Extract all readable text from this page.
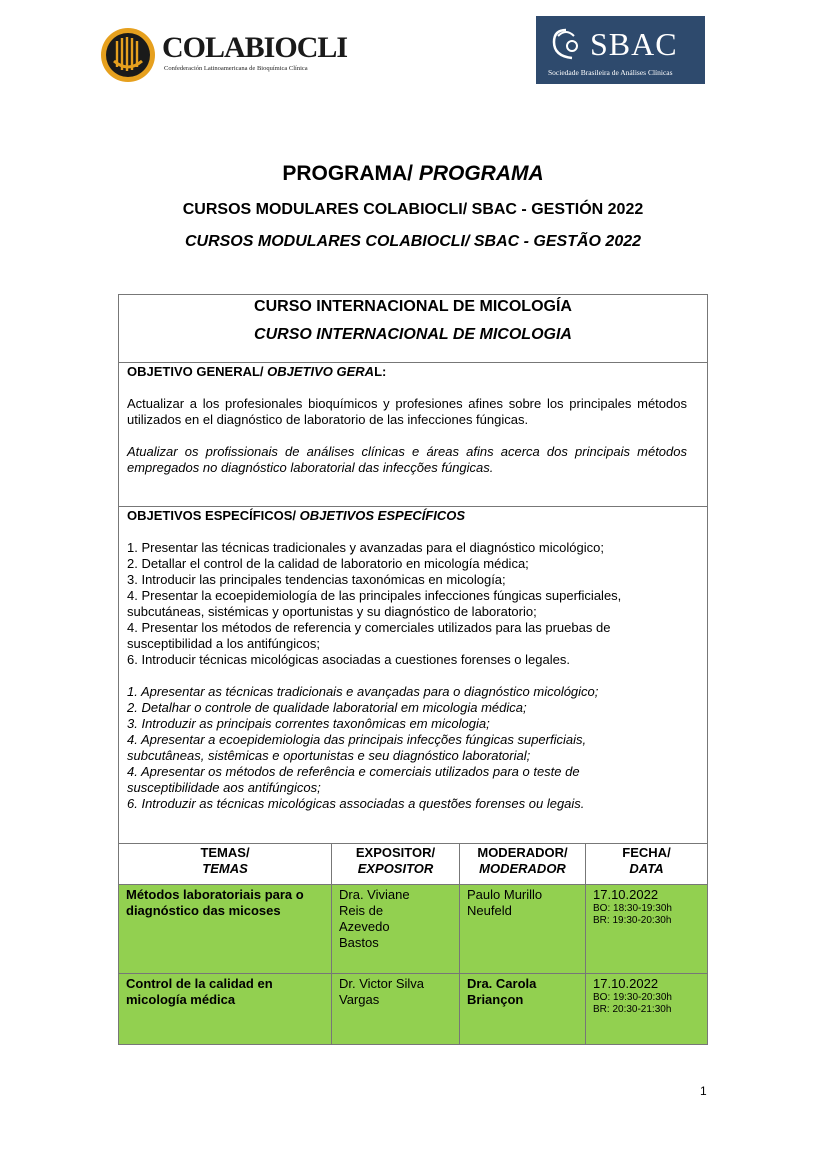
COLABIOCLI
Confederación Latinoamericana de Bioquímica Clínica
SBAC
Sociedade Brasileira de Análises Clínicas
PROGRAMA/ PROGRAMA
CURSOS MODULARES COLABIOCLI/ SBAC - GESTIÓN 2022
CURSOS MODULARES COLABIOCLI/ SBAC - GESTÃO 2022
CURSO INTERNACIONAL DE MICOLOGÍA
CURSO INTERNACIONAL DE MICOLOGIA
OBJETIVO GENERAL/ OBJETIVO GERAL:
Actualizar a los profesionales bioquímicos y profesiones afines sobre los principales métodos utilizados en el diagnóstico de laboratorio de las infecciones fúngicas.
Atualizar os profissionais de análises clínicas e áreas afins acerca dos principais métodos empregados no diagnóstico laboratorial das infecções fúngicas.
OBJETIVOS ESPECÍFICOS/ OBJETIVOS ESPECÍFICOS
1. Presentar las técnicas tradicionales y avanzadas para el diagnóstico micológico;
2. Detallar el control de la calidad de laboratorio en micología médica;
3. Introducir las principales tendencias taxonómicas en micología;
4. Presentar la ecoepidemiología de las principales infecciones fúngicas superficiales,
subcutáneas, sistémicas y oportunistas y su diagnóstico de laboratorio;
4. Presentar los métodos de referencia y comerciales utilizados para las pruebas de
susceptibilidad a los antifúngicos;
6. Introducir técnicas micológicas asociadas a cuestiones forenses o legales.
1. Apresentar as técnicas tradicionais e avançadas para o diagnóstico micológico;
2. Detalhar o controle de qualidade laboratorial em micologia médica;
3. Introduzir as principais correntes taxonômicas em micologia;
4. Apresentar a ecoepidemiologia das principais infecções fúngicas superficiais,
subcutâneas, sistêmicas e oportunistas e seu diagnóstico laboratorial;
4. Apresentar os métodos de referência e comerciais utilizados para o teste de
susceptibilidade aos antifúngicos;
6. Introduzir as técnicas micológicas associadas a questões forenses ou legais.
TEMAS/
TEMAS
EXPOSITOR/
EXPOSITOR
MODERADOR/
MODERADOR
FECHA/
DATA
Métodos laboratoriais para o diagnóstico das micoses
Dra. Viviane
Reis de
Azevedo
Bastos
Paulo Murillo Neufeld
17.10.2022
BO: 18:30-19:30h
BR: 19:30-20:30h
Control de la calidad en micología médica
Dr. Victor Silva
Vargas
Dra. Carola Briançon
17.10.2022
BO: 19:30-20:30h
BR: 20:30-21:30h
1
